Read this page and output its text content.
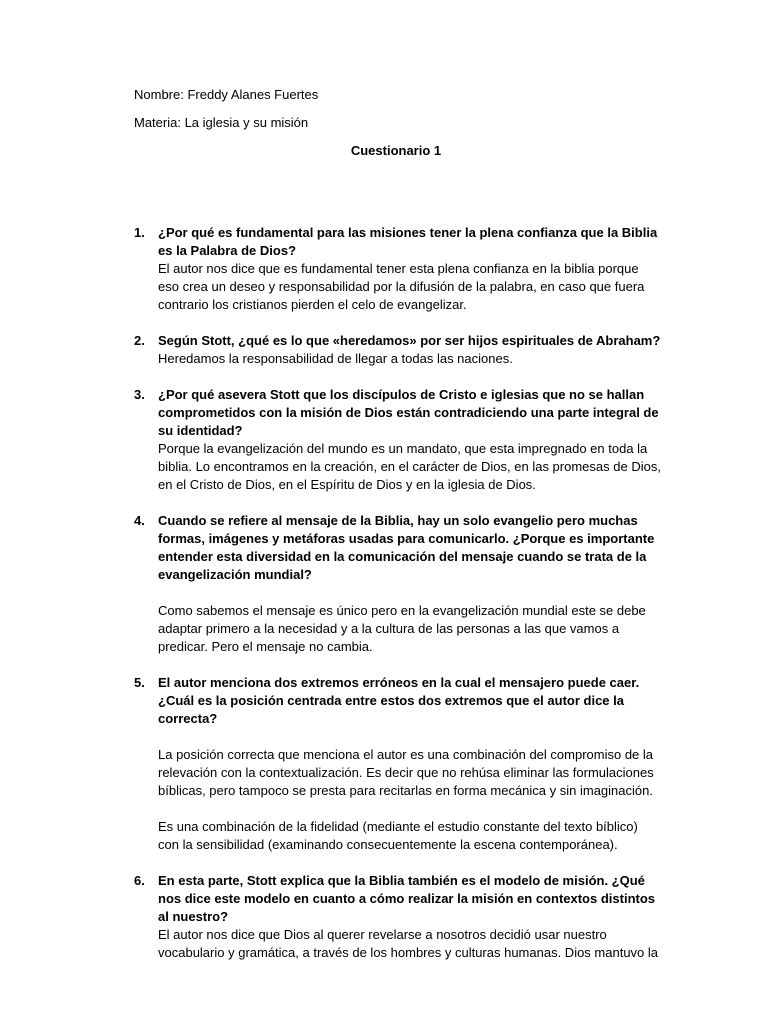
Nombre: Freddy Alanes Fuertes
Materia: La iglesia y su misión
Cuestionario 1
1. ¿Por qué es fundamental para las misiones tener la plena confianza que la Biblia es la Palabra de Dios?
El autor nos dice que es fundamental tener esta plena confianza en la biblia porque eso crea un deseo y responsabilidad por la difusión de la palabra, en caso que fuera contrario los cristianos pierden el celo de evangelizar.
2. Según Stott, ¿qué es lo que «heredamos» por ser hijos espirituales de Abraham?
Heredamos la responsabilidad de llegar a todas las naciones.
3. ¿Por qué asevera Stott que los discípulos de Cristo e iglesias que no se hallan comprometidos con la misión de Dios están contradiciendo una parte integral de su identidad?
Porque la evangelización del mundo es un mandato, que esta impregnado en toda la biblia. Lo encontramos en la creación, en el carácter de Dios, en las promesas de Dios, en el Cristo de Dios, en el Espíritu de Dios y en la iglesia de Dios.
4. Cuando se refiere al mensaje de la Biblia, hay un solo evangelio pero muchas formas, imágenes y metáforas usadas para comunicarlo. ¿Porque es importante entender esta diversidad en la comunicación del mensaje cuando se trata de la evangelización mundial?
Como sabemos el mensaje es único pero en la evangelización mundial este se debe adaptar primero a la necesidad y a la cultura de las personas a las que vamos a predicar. Pero el mensaje no cambia.
5. El autor menciona dos extremos erróneos en la cual el mensajero puede caer. ¿Cuál es la posición centrada entre estos dos extremos que el autor dice la correcta?
La posición correcta que menciona el autor es una combinación del compromiso de la relevación con la contextualización. Es decir que no rehúsa eliminar las formulaciones bíblicas, pero tampoco se presta para recitarlas en forma mecánica y sin imaginación.
Es una combinación de la fidelidad (mediante el estudio constante del texto bíblico) con la sensibilidad (examinando consecuentemente la escena contemporánea).
6. En esta parte, Stott explica que la Biblia también es el modelo de misión. ¿Qué nos dice este modelo en cuanto a cómo realizar la misión en contextos distintos al nuestro?
El autor nos dice que Dios al querer revelarse a nosotros decidió usar nuestro vocabulario y gramática, a través de los hombres y culturas humanas. Dios mantuvo la
